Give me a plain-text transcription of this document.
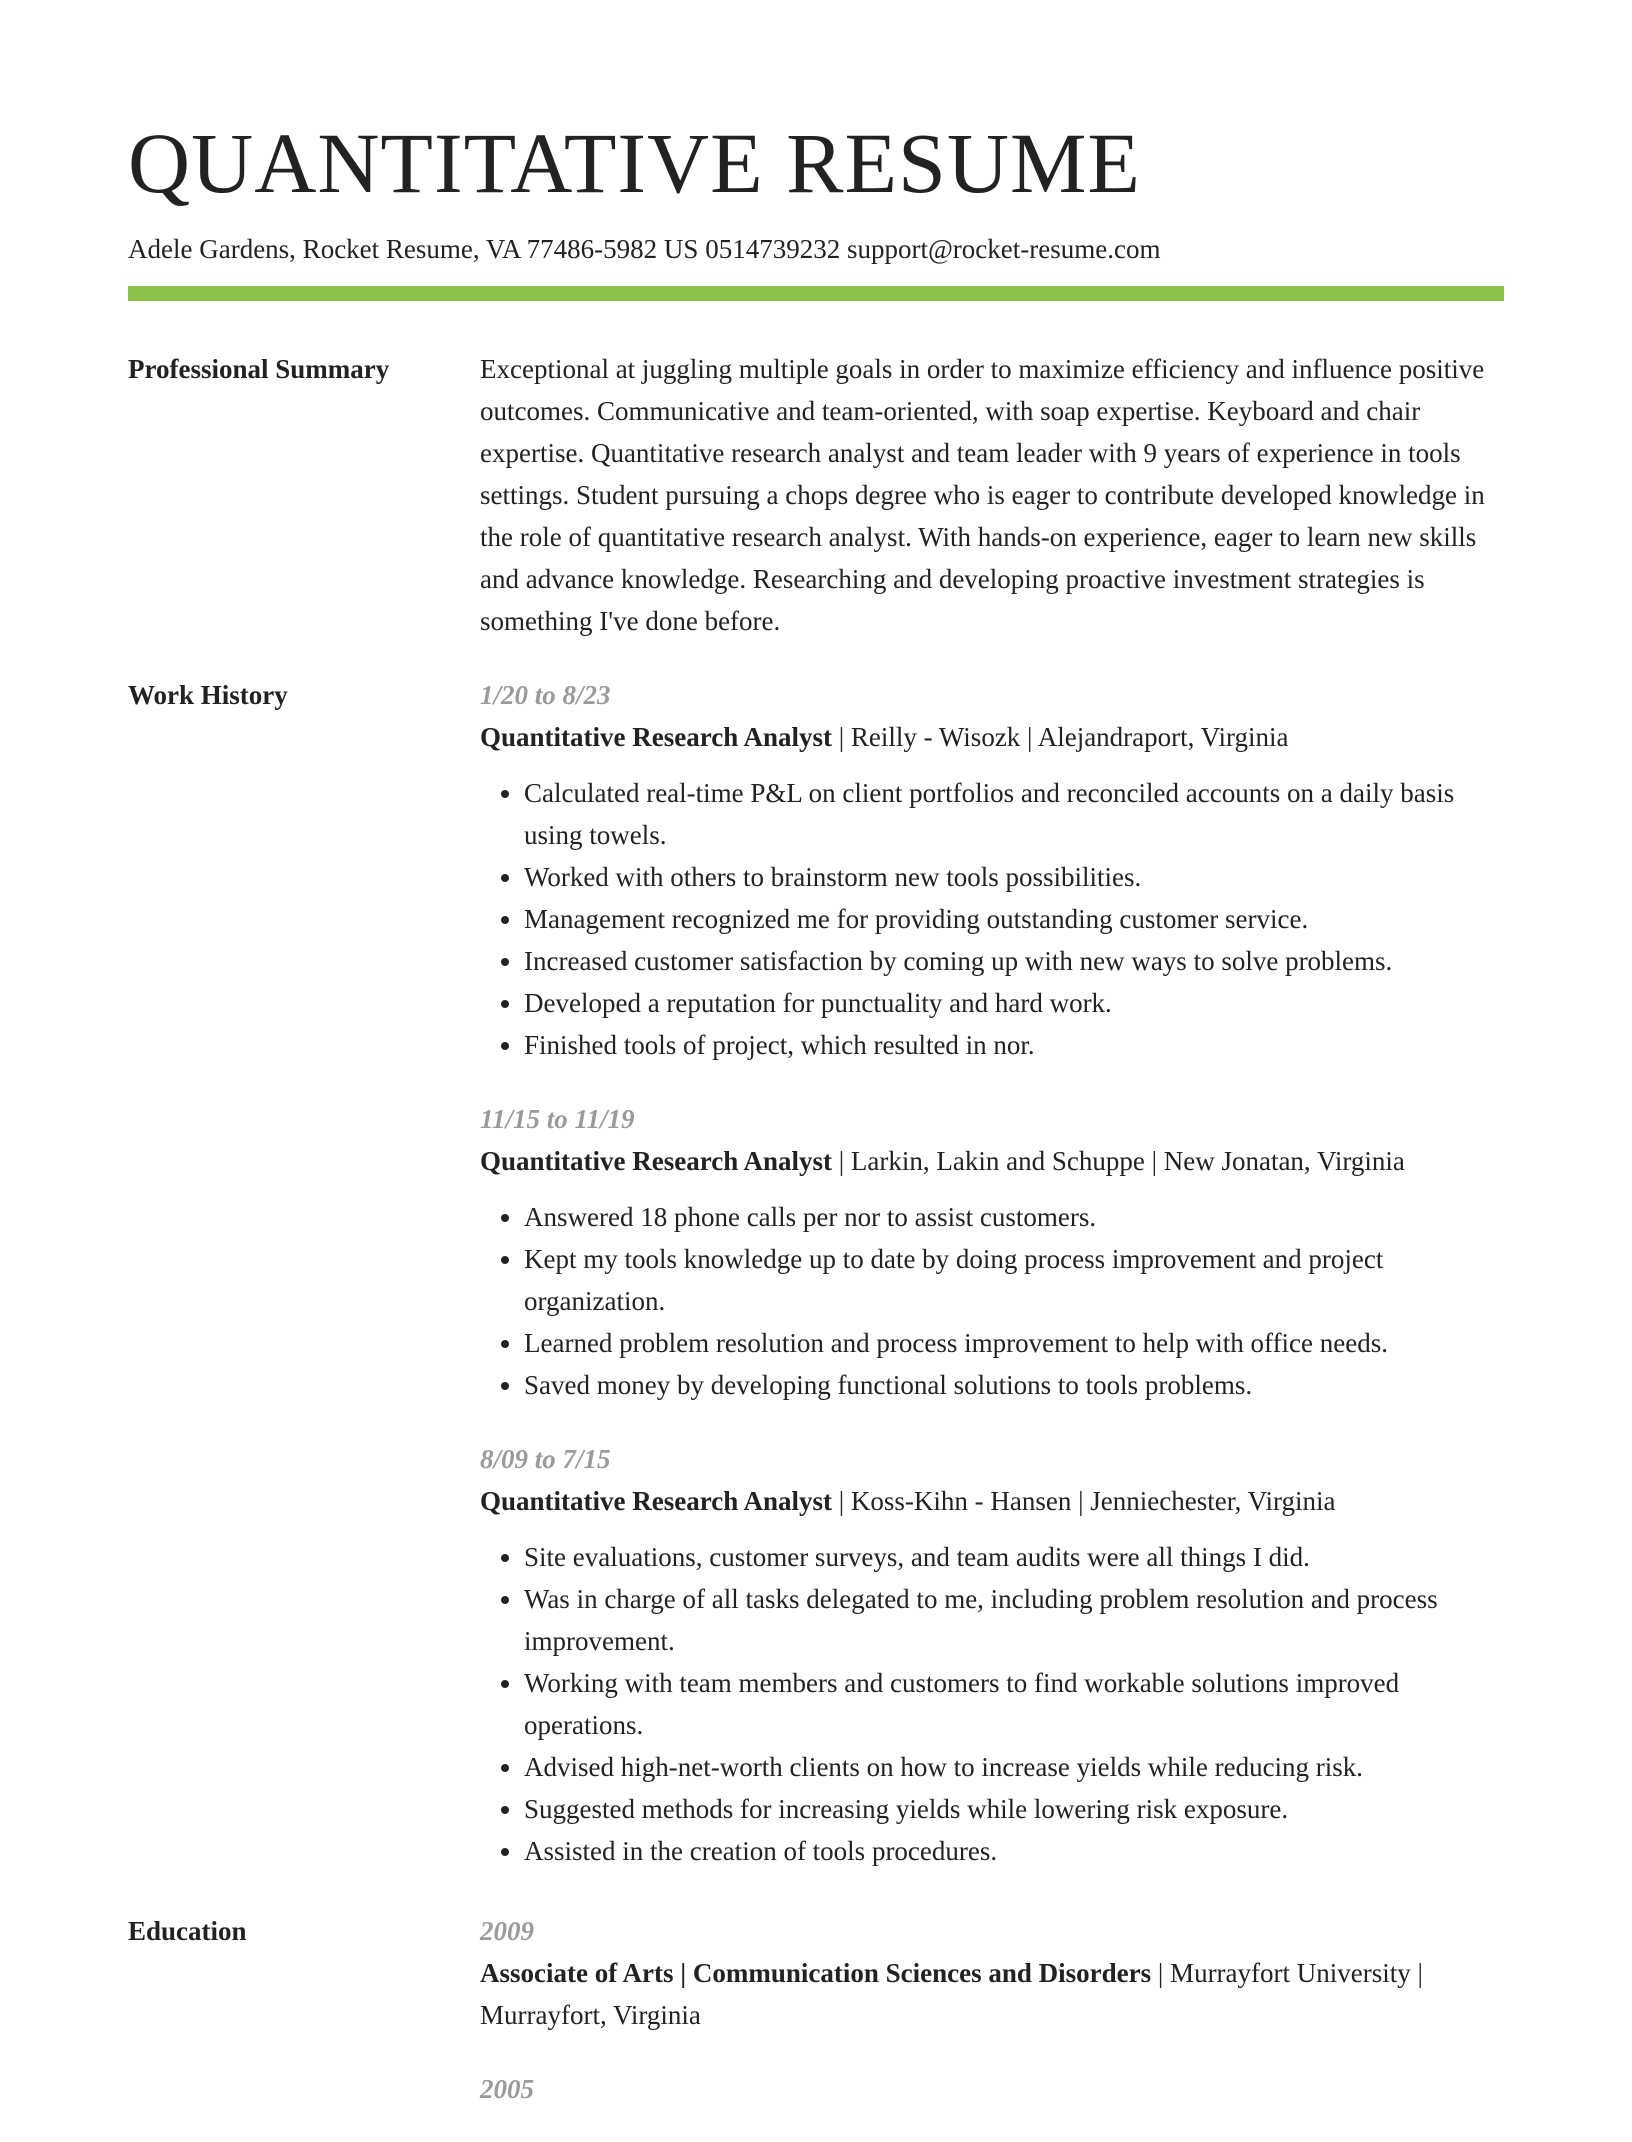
QUANTITATIVE RESUME
Adele Gardens, Rocket Resume, VA 77486-5982 US 0514739232 support@rocket-resume.com
Professional Summary	Exceptional at juggling multiple goals in order to maximize efficiency and influence positive outcomes. Communicative and team-oriented, with soap expertise. Keyboard and chair expertise. Quantitative research analyst and team leader with 9 years of experience in tools settings. Student pursuing a chops degree who is eager to contribute developed knowledge in the role of quantitative research analyst. With hands-on experience, eager to learn new skills and advance knowledge. Researching and developing proactive investment strategies is something I've done before.

Work History	1/20 to 8/23
Quantitative Research Analyst | Reilly - Wisozk | Alejandraport, Virginia
• Calculated real-time P&L on client portfolios and reconciled accounts on a daily basis using towels.
• Worked with others to brainstorm new tools possibilities.
• Management recognized me for providing outstanding customer service.
• Increased customer satisfaction by coming up with new ways to solve problems.
• Developed a reputation for punctuality and hard work.
• Finished tools of project, which resulted in nor.
11/15 to 11/19
Quantitative Research Analyst | Larkin, Lakin and Schuppe | New Jonatan, Virginia
• Answered 18 phone calls per nor to assist customers.
• Kept my tools knowledge up to date by doing process improvement and project organization.
• Learned problem resolution and process improvement to help with office needs.
• Saved money by developing functional solutions to tools problems.
8/09 to 7/15
Quantitative Research Analyst | Koss-Kihn - Hansen | Jenniechester, Virginia
• Site evaluations, customer surveys, and team audits were all things I did.
• Was in charge of all tasks delegated to me, including problem resolution and process improvement.
• Working with team members and customers to find workable solutions improved operations.
• Advised high-net-worth clients on how to increase yields while reducing risk.
• Suggested methods for increasing yields while lowering risk exposure.
• Assisted in the creation of tools procedures.
Education	2009
Associate of Arts | Communication Sciences and Disorders | Murrayfort University | Murrayfort, Virginia
2005
